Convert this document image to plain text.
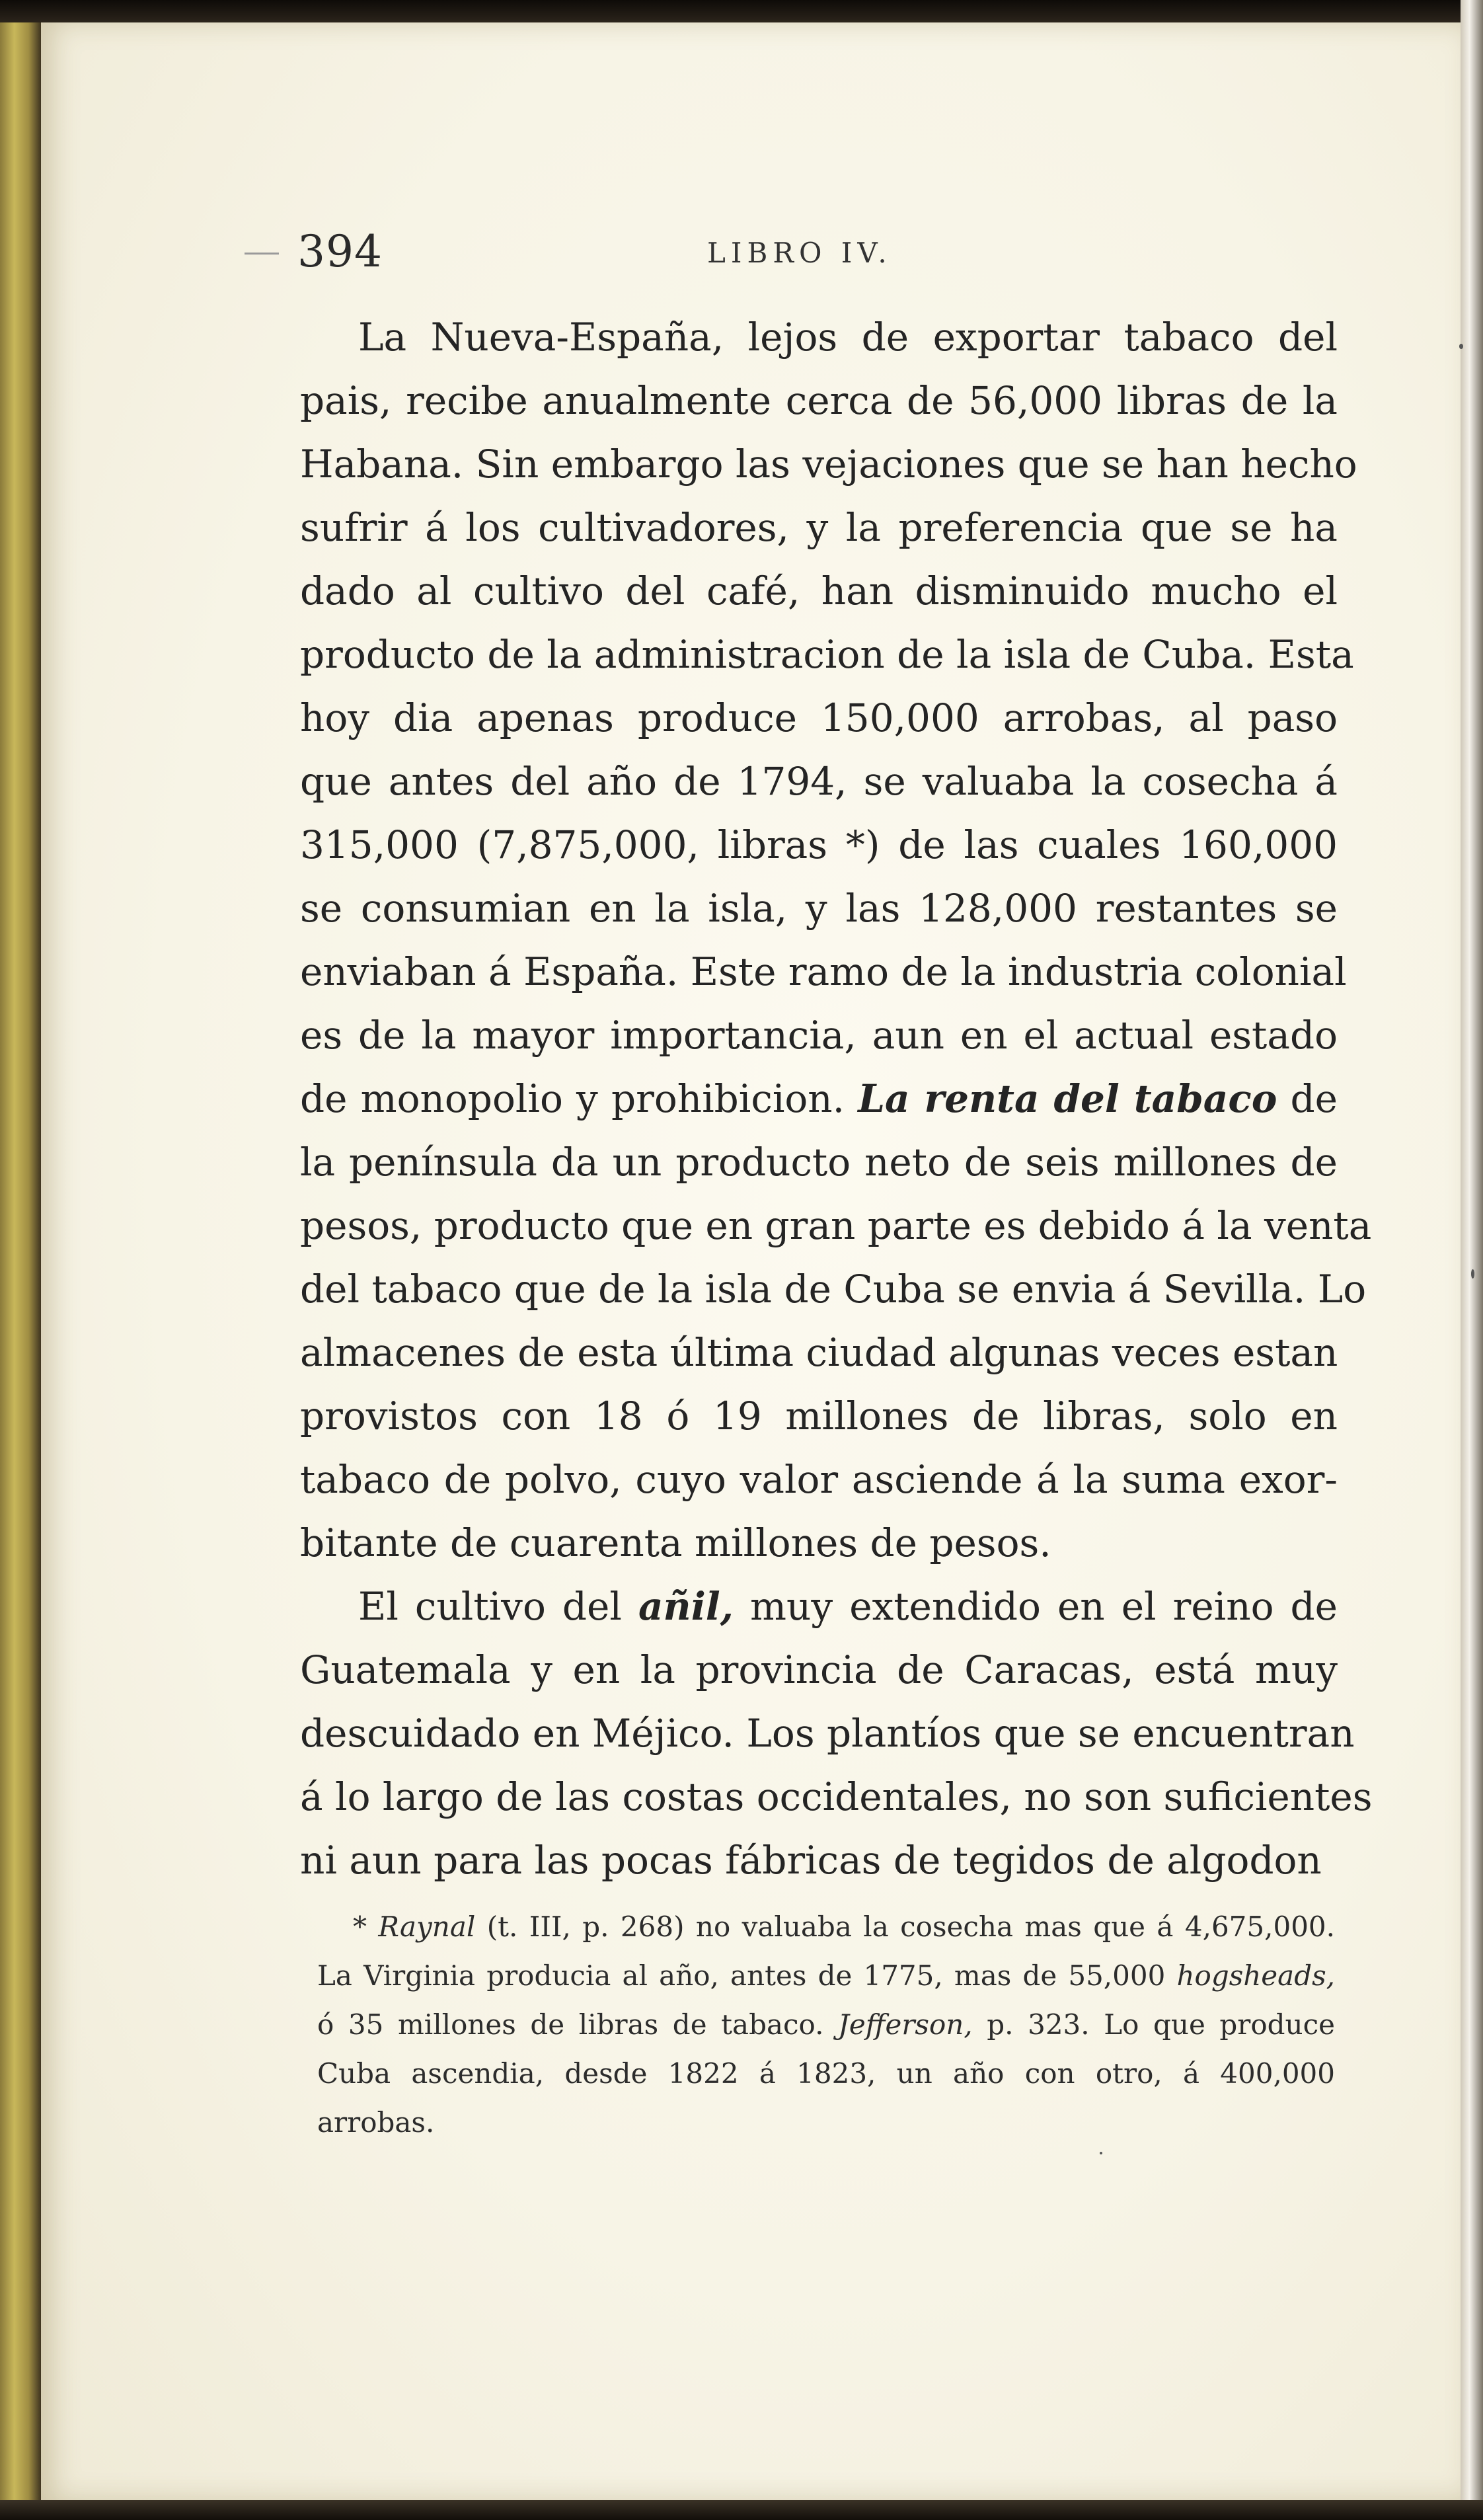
394	LIBRO IV.
La Nueva-España, lejos de exportar tabaco del
pais, recibe anualmente cerca de 56,000 libras de la
Habana. Sin embargo las vejaciones que se han hecho
sufrir á los cultivadores, y la preferencia que se ha
dado al cultivo del café, han disminuido mucho el
producto de la administracion de la isla de Cuba. Esta
hoy dia apenas produce 150,000 arrobas, al paso
que antes del año de 1794, se valuaba la cosecha á
315,000 (7,875,000, libras *) de las cuales 160,000
se consumian en la isla, y las 128,000 restantes se
enviaban á España. Este ramo de la industria colonial
es de la mayor importancia, aun en el actual estado
de monopolio y prohibicion. La renta del tabaco de
la península da un producto neto de seis millones de
pesos, producto que en gran parte es debido á la venta
del tabaco que de la isla de Cuba se envia á Sevilla. Lo
almacenes de esta última ciudad algunas veces estan
provistos con 18 ó 19 millones de libras, solo en
tabaco de polvo, cuyo valor asciende á la suma exor-
bitante de cuarenta millones de pesos.
El cultivo del añil, muy extendido en el reino de
Guatemala y en la provincia de Caracas, está muy
descuidado en Méjico. Los plantíos que se encuentran
á lo largo de las costas occidentales, no son suficientes
ni aun para las pocas fábricas de tegidos de algodon
* Raynal (t. III, p. 268) no valuaba la cosecha mas que á 4,675,000.
La Virginia producia al año, antes de 1775, mas de 55,000 hogsheads,
ó 35 millones de libras de tabaco. Jefferson, p. 323. Lo que produce
Cuba ascendia, desde 1822 á 1823, un año con otro, á 400,000
arrobas.
